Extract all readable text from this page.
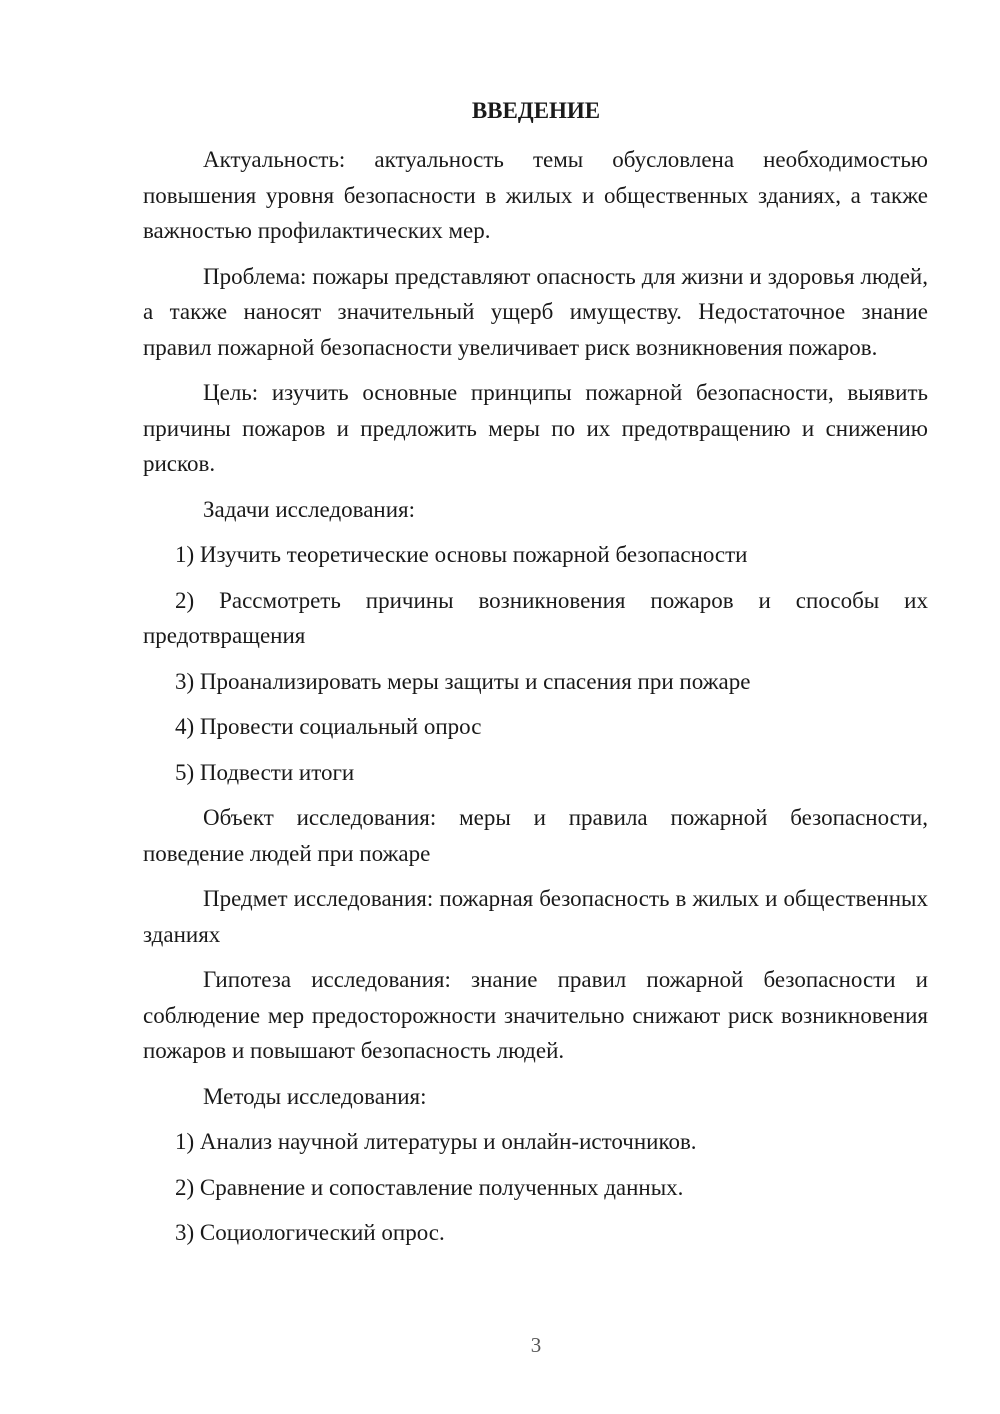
ВВЕДЕНИЕ

Актуальность: актуальность темы обусловлена необходимостью повышения уровня безопасности в жилых и общественных зданиях, а также важностью профилактических мер.

Проблема: пожары представляют опасность для жизни и здоровья людей, а также наносят значительный ущерб имуществу. Недостаточное знание правил пожарной безопасности увеличивает риск возникновения пожаров.

Цель: изучить основные принципы пожарной безопасности, выявить причины пожаров и предложить меры по их предотвращению и снижению рисков.

Задачи исследования:

1) Изучить теоретические основы пожарной безопасности

2) Рассмотреть причины возникновения пожаров и способы их предотвращения

3) Проанализировать меры защиты и спасения при пожаре

4) Провести социальный опрос

5) Подвести итоги

Объект исследования: меры и правила пожарной безопасности, поведение людей при пожаре

Предмет исследования: пожарная безопасность в жилых и общественных зданиях

Гипотеза исследования: знание правил пожарной безопасности и соблюдение мер предосторожности значительно снижают риск возникновения пожаров и повышают безопасность людей.

Методы исследования:

1) Анализ научной литературы и онлайн-источников.

2) Сравнение и сопоставление полученных данных.

3) Социологический опрос.

3
